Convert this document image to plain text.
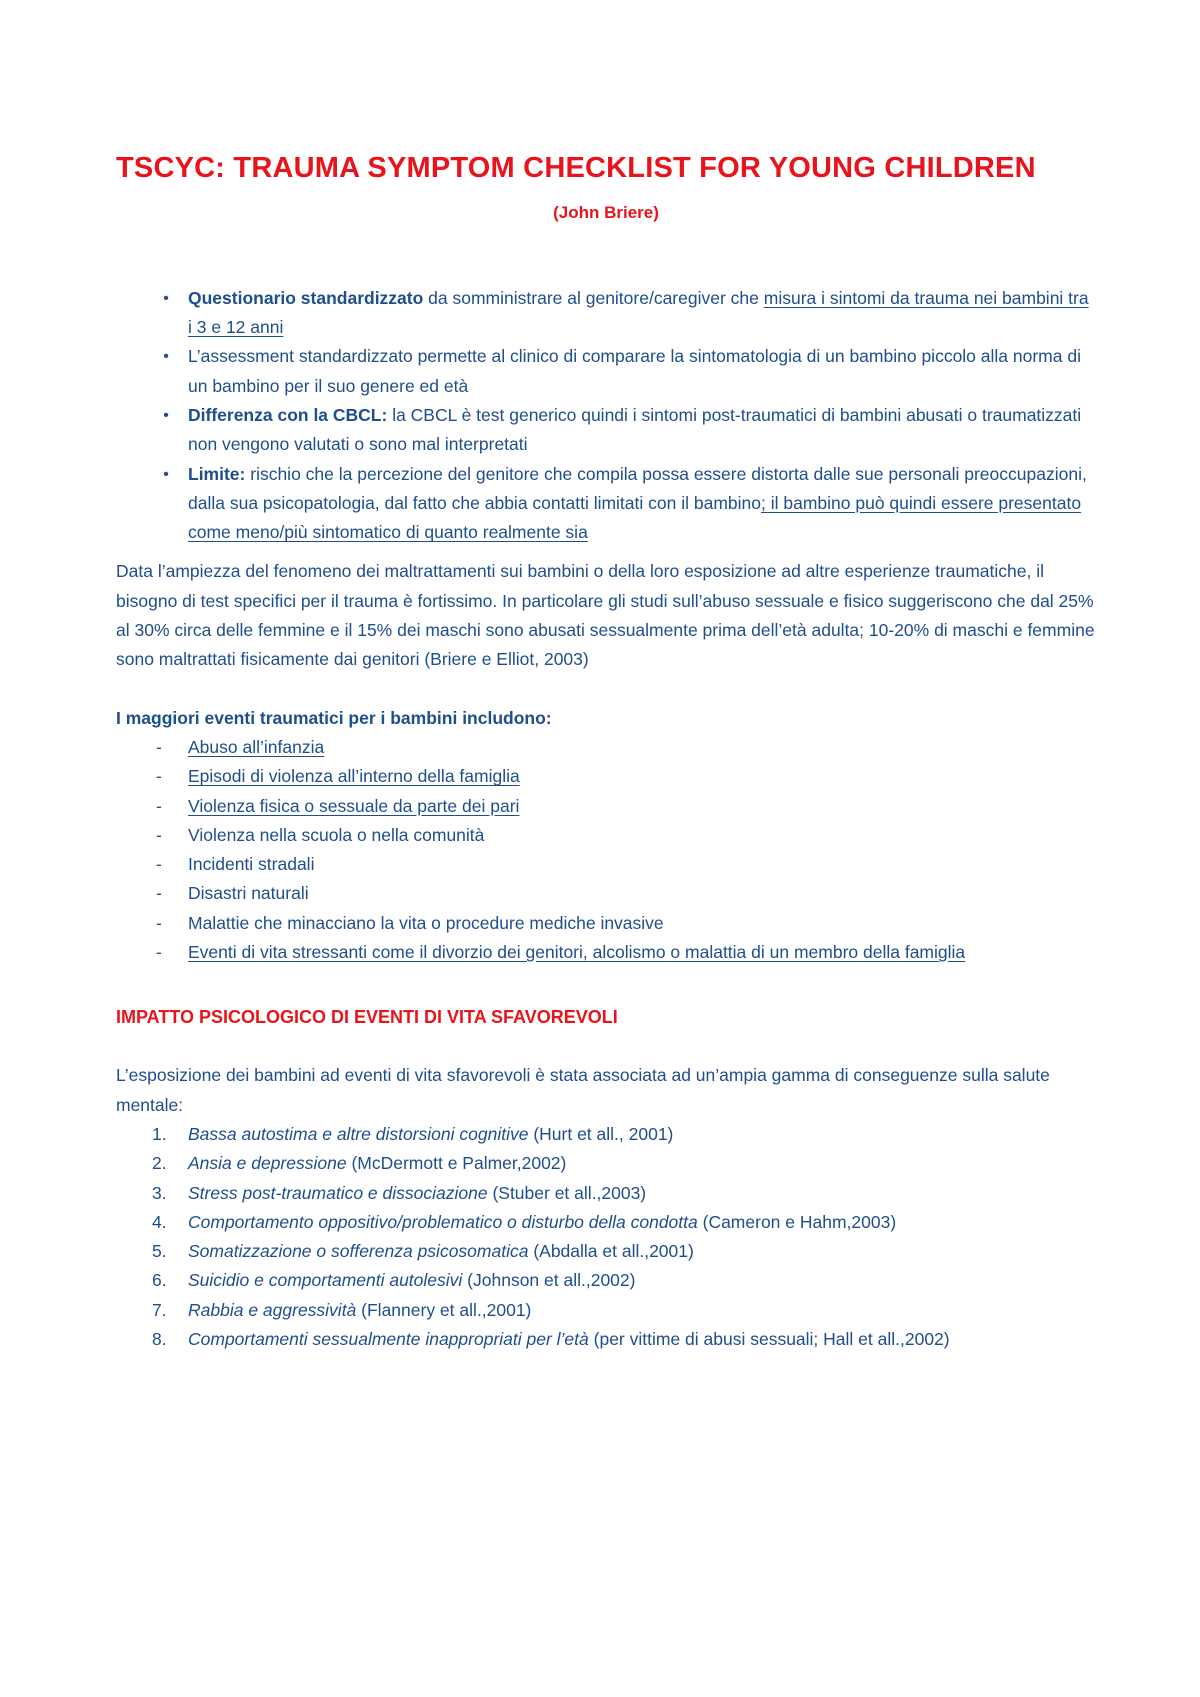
TSCYC: TRAUMA SYMPTOM CHECKLIST FOR YOUNG CHILDREN
(John Briere)
•	Questionario standardizzato da somministrare al genitore/caregiver che misura i sintomi da trauma nei bambini tra i 3 e 12 anni
•	L’assessment standardizzato permette al clinico di comparare la sintomatologia di un bambino piccolo alla norma di un bambino per il suo genere ed età
•	Differenza con la CBCL: la CBCL è test generico quindi i sintomi post-traumatici di bambini abusati o traumatizzati non vengono valutati o sono mal interpretati
•	Limite: rischio che la percezione del genitore che compila possa essere distorta dalle sue personali preoccupazioni, dalla sua psicopatologia, dal fatto che abbia contatti limitati con il bambino; il bambino può quindi essere presentato come meno/più sintomatico di quanto realmente sia
Data l’ampiezza del fenomeno dei maltrattamenti sui bambini o della loro esposizione ad altre esperienze traumatiche, il bisogno di test specifici per il trauma è fortissimo. In particolare gli studi sull’abuso sessuale e fisico suggeriscono che dal 25% al 30% circa delle femmine e il 15% dei maschi sono abusati sessualmente prima dell’età adulta; 10-20% di maschi e femmine sono maltrattati fisicamente dai genitori (Briere e Elliot, 2003)
I maggiori eventi traumatici per i bambini includono:
- Abuso all’infanzia
- Episodi di violenza all’interno della famiglia
- Violenza fisica o sessuale da parte dei pari
- Violenza nella scuola o nella comunità
- Incidenti stradali
- Disastri naturali
- Malattie che minacciano la vita o procedure mediche invasive
- Eventi di vita stressanti come il divorzio dei genitori, alcolismo o malattia di un membro della famiglia
IMPATTO PSICOLOGICO DI EVENTI DI VITA SFAVOREVOLI
L’esposizione dei bambini ad eventi di vita sfavorevoli è stata associata ad un’ampia gamma di conseguenze sulla salute mentale:
1. Bassa autostima e altre distorsioni cognitive (Hurt et all., 2001)
2. Ansia e depressione (McDermott e Palmer,2002)
3. Stress post-traumatico e dissociazione (Stuber et all.,2003)
4. Comportamento oppositivo/problematico o disturbo della condotta (Cameron e Hahm,2003)
5. Somatizzazione o sofferenza psicosomatica (Abdalla et all.,2001)
6. Suicidio e comportamenti autolesivi (Johnson et all.,2002)
7. Rabbia e aggressività (Flannery et all.,2001)
8. Comportamenti sessualmente inappropriati per l’età (per vittime di abusi sessuali; Hall et all.,2002)
